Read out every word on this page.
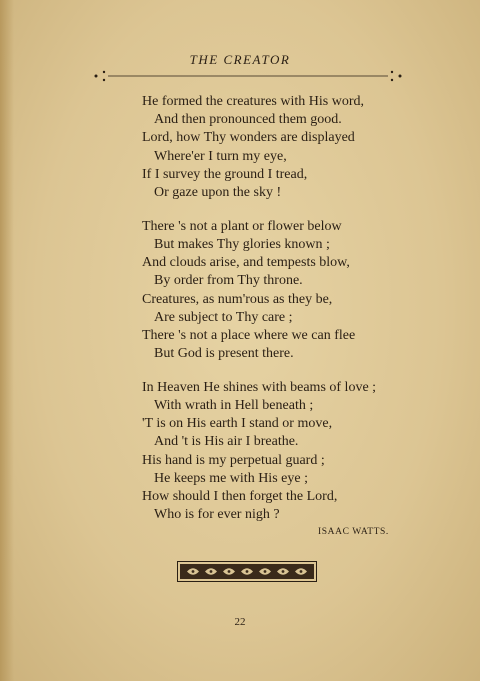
THE CREATOR
He formed the creatures with His word,
And then pronounced them good.
Lord, how Thy wonders are displayed
Where'er I turn my eye,
If I survey the ground I tread,
Or gaze upon the sky !
There 's not a plant or flower below
But makes Thy glories known ;
And clouds arise, and tempests blow,
By order from Thy throne.
Creatures, as num'rous as they be,
Are subject to Thy care ;
There 's not a place where we can flee
But God is present there.
In Heaven He shines with beams of love ;
With wrath in Hell beneath ;
'T is on His earth I stand or move,
And 't is His air I breathe.
His hand is my perpetual guard ;
He keeps me with His eye ;
How should I then forget the Lord,
Who is for ever nigh ?
ISAAC WATTS.
22
